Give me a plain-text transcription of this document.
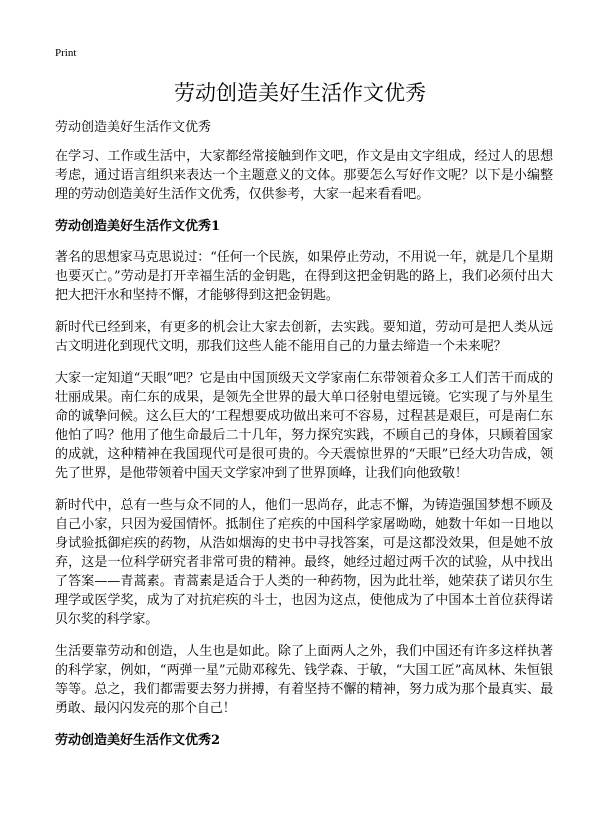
Print
劳动创造美好生活作文优秀
劳动创造美好生活作文优秀

在学习、工作或生活中，大家都经常接触到作文吧，作文是由文字组成，经过人的思想考虑，通过语言组织来表达一个主题意义的文体。那要怎么写好作文呢？以下是小编整理的劳动创造美好生活作文优秀，仅供参考，大家一起来看看吧。

劳动创造美好生活作文优秀1

著名的思想家马克思说过：“任何一个民族，如果停止劳动，不用说一年，就是几个星期也要灭亡。”劳动是打开幸福生活的金钥匙，在得到这把金钥匙的路上，我们必须付出大把大把汗水和坚持不懈，才能够得到这把金钥匙。

新时代已经到来，有更多的机会让大家去创新，去实践。要知道，劳动可是把人类从远古文明进化到现代文明，那我们这些人能不能用自己的力量去缔造一个未来呢？

大家一定知道“天眼”吧？它是由中国顶级天文学家南仁东带领着众多工人们苦干而成的壮丽成果。南仁东的成果，是领先全世界的最大单口径射电望远镜。它实现了与外星生命的诚挚问候。这么巨大的‘工程想要成功做出来可不容易，过程甚是艰巨，可是南仁东他怕了吗？他用了他生命最后二十几年，努力探究实践，不顾自己的身体，只顾着国家的成就，这种精神在我国现代可是很可贵的。今天震惊世界的“天眼”已经大功告成，领先了世界，是他带领着中国天文学家冲到了世界顶峰，让我们向他致敬！

新时代中，总有一些与众不同的人，他们一思尚存，此志不懈，为铸造强国梦想不顾及自己小家，只因为爱国情怀。抵制住了疟疾的中国科学家屠呦呦，她数十年如一日地以身试验抵御疟疾的药物，从浩如烟海的史书中寻找答案，可是这都没效果，但是她不放弃，这是一位科学研究者非常可贵的精神。最终，她经过超过两千次的试验，从中找出了答案——青蒿素。青蒿素是适合于人类的一种药物，因为此壮举，她荣获了诺贝尔生理学或医学奖，成为了对抗疟疾的斗士，也因为这点，使他成为了中国本土首位获得诺贝尔奖的科学家。

生活要靠劳动和创造，人生也是如此。除了上面两人之外，我们中国还有许多这样执著的科学家，例如，“两弹一星”元勋邓稼先、钱学森、于敏，“大国工匠”高凤林、朱恒银等等。总之，我们都需要去努力拼搏，有着坚持不懈的精神，努力成为那个最真实、最勇敢、最闪闪发亮的那个自己！

劳动创造美好生活作文优秀2
